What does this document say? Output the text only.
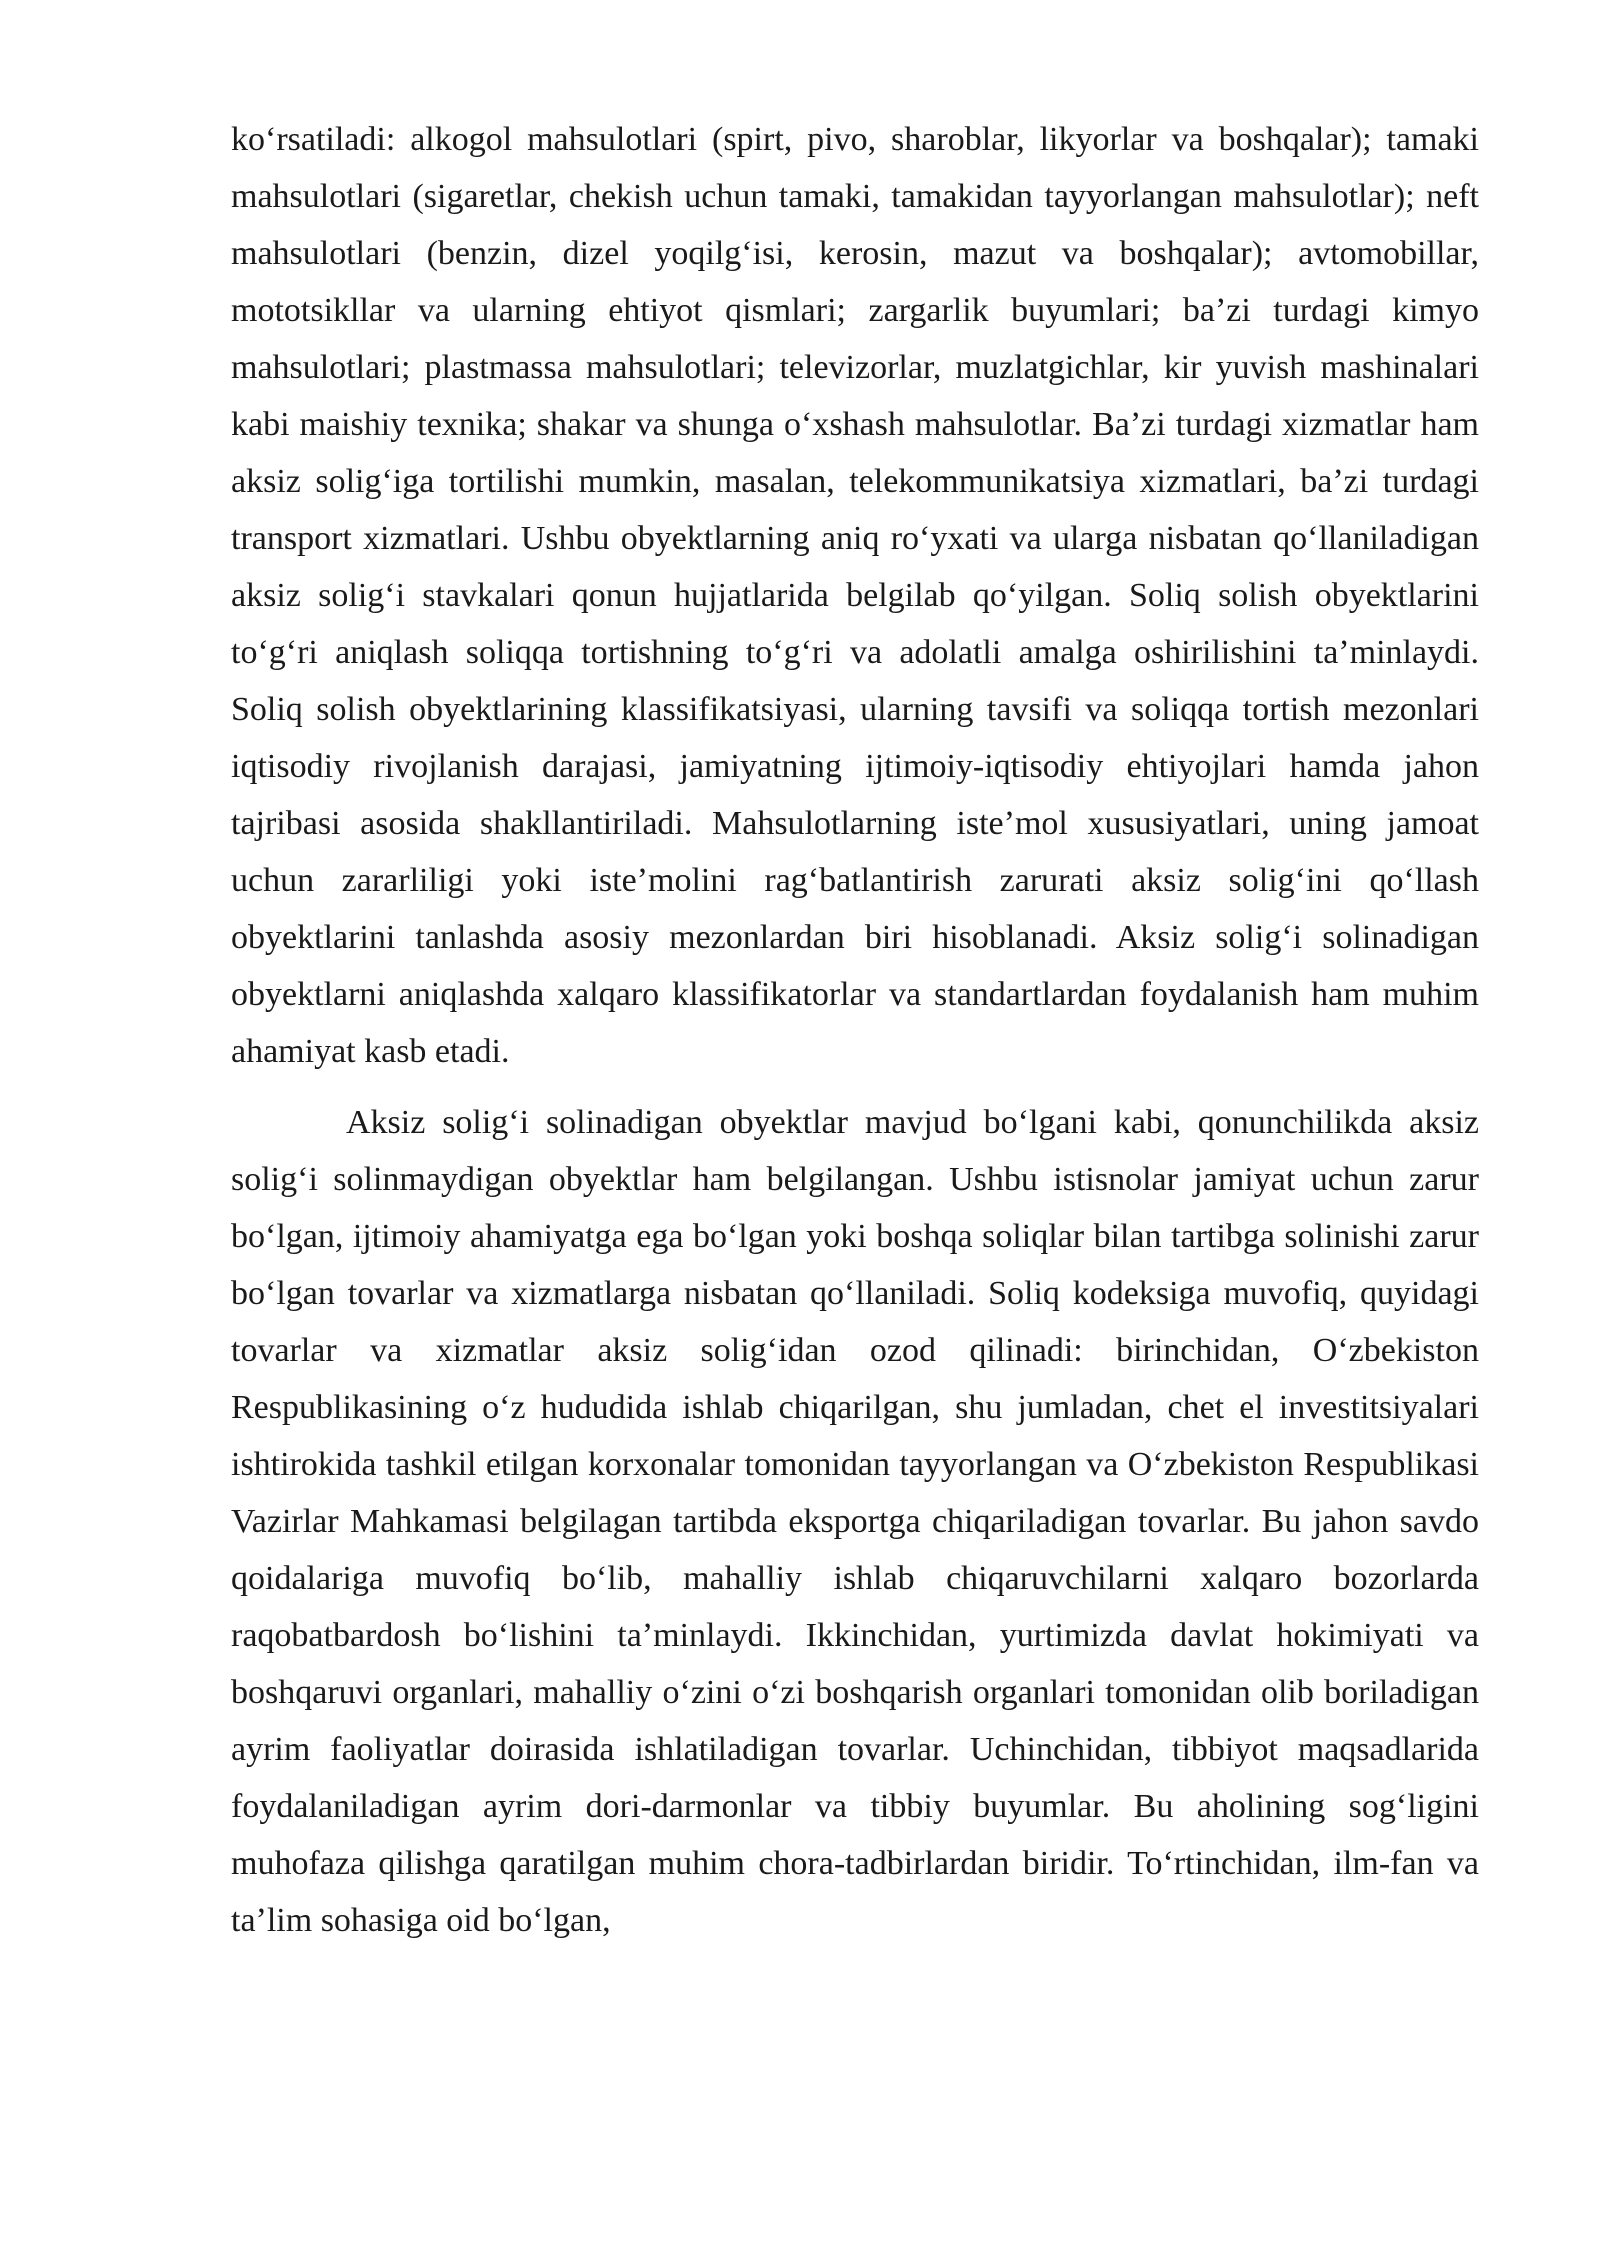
koʻrsatiladi: alkogol mahsulotlari (spirt, pivo, sharoblar, likyorlar va boshqalar); tamaki mahsulotlari (sigaretlar, chekish uchun tamaki, tamakidan tayyorlangan mahsulotlar); neft mahsulotlari (benzin, dizel yoqilgʻisi, kerosin, mazut va boshqalar); avtomobillar, mototsikllar va ularning ehtiyot qismlari; zargarlik buyumlari; baʼzi turdagi kimyo mahsulotlari; plastmassa mahsulotlari; televizorlar, muzlatgichlar, kir yuvish mashinalari kabi maishiy texnika; shakar va shunga oʻxshash mahsulotlar. Baʼzi turdagi xizmatlar ham aksiz soligʻiga tortilishi mumkin, masalan, telekommunikatsiya xizmatlari, baʼzi turdagi transport xizmatlari. Ushbu obyektlarning aniq roʻyxati va ularga nisbatan qoʻllaniladigan aksiz soligʻi stavkalari qonun hujjatlarida belgilab qoʻyilgan. Soliq solish obyektlarini toʻgʻri aniqlash soliqqa tortishning toʻgʻri va adolatli amalga oshirilishini taʼminlaydi. Soliq solish obyektlarining klassifikatsiyasi, ularning tavsifi va soliqqa tortish mezonlari iqtisodiy rivojlanish darajasi, jamiyatning ijtimoiy-iqtisodiy ehtiyojlari hamda jahon tajribasi asosida shakllantiriladi. Mahsulotlarning isteʼmol xususiyatlari, uning jamoat uchun zararliligi yoki isteʼmolini ragʻbatlantirish zarurati aksiz soligʻini qoʻllash obyektlarini tanlashda asosiy mezonlardan biri hisoblanadi. Aksiz soligʻi solinadigan obyektlarni aniqlashda xalqaro klassifikatorlar va standartlardan foydalanish ham muhim ahamiyat kasb etadi.

Aksiz soligʻi solinadigan obyektlar mavjud boʻlgani kabi, qonunchilikda aksiz soligʻi solinmaydigan obyektlar ham belgilangan. Ushbu istisnolar jamiyat uchun zarur boʻlgan, ijtimoiy ahamiyatga ega boʻlgan yoki boshqa soliqlar bilan tartibga solinishi zarur boʻlgan tovarlar va xizmatlarga nisbatan qoʻllaniladi. Soliq kodeksiga muvofiq, quyidagi tovarlar va xizmatlar aksiz soligʻidan ozod qilinadi: birinchidan, Oʻzbekiston Respublikasining oʻz hududida ishlab chiqarilgan, shu jumladan, chet el investitsiyalari ishtirokida tashkil etilgan korxonalar tomonidan tayyorlangan va Oʻzbekiston Respublikasi Vazirlar Mahkamasi belgilagan tartibda eksportga chiqariladigan tovarlar. Bu jahon savdo qoidalariga muvofiq boʻlib, mahalliy ishlab chiqaruvchilarni xalqaro bozorlarda raqobatbardosh boʻlishini taʼminlaydi. Ikkinchidan, yurtimizda davlat hokimiyati va boshqaruvi organlari, mahalliy oʻzini oʻzi boshqarish organlari tomonidan olib boriladigan ayrim faoliyatlar doirasida ishlatiladigan tovarlar. Uchinchidan, tibbiyot maqsadlarida foydalaniladigan ayrim dori-darmonlar va tibbiy buyumlar. Bu aholining sogʻligini muhofaza qilishga qaratilgan muhim chora-tadbirlardan biridir. Toʻrtinchidan, ilm-fan va taʼlim sohasiga oid boʻlgan,
